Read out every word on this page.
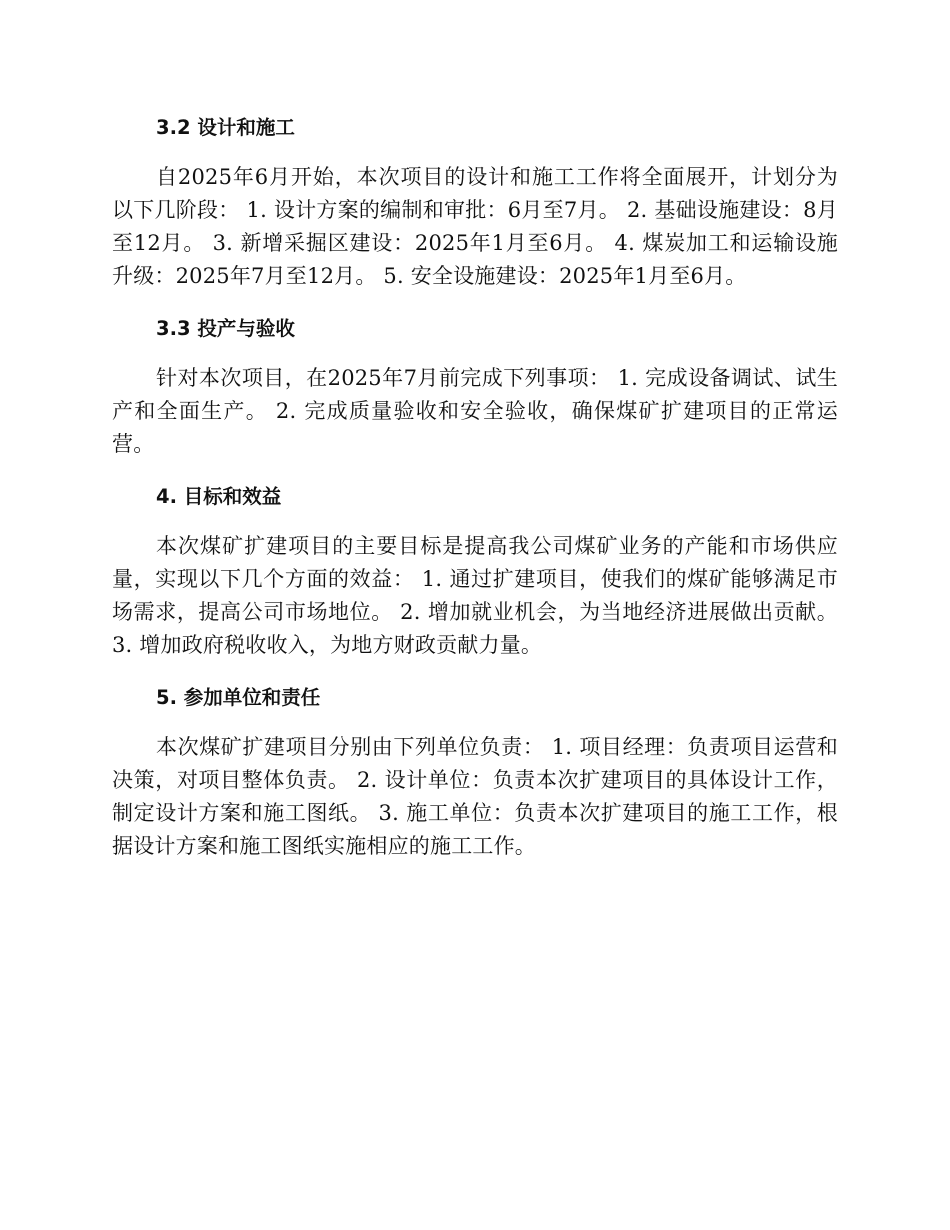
3.2 设计和施工

自2025年6月开始，本次项目的设计和施工工作将全面展开，计划分为以下几阶段： 1. 设计方案的编制和审批：6月至7月。 2. 基础设施建设：8月至12月。 3. 新增采掘区建设：2025年1月至6月。 4. 煤炭加工和运输设施升级：2025年7月至12月。 5. 安全设施建设：2025年1月至6月。

3.3 投产与验收

针对本次项目，在2025年7月前完成下列事项： 1. 完成设备调试、试生产和全面生产。 2. 完成质量验收和安全验收，确保煤矿扩建项目的正常运营。

4. 目标和效益

本次煤矿扩建项目的主要目标是提高我公司煤矿业务的产能和市场供应量，实现以下几个方面的效益： 1. 通过扩建项目，使我们的煤矿能够满足市场需求，提高公司市场地位。 2. 增加就业机会，为当地经济进展做出贡献。 3. 增加政府税收收入，为地方财政贡献力量。

5. 参加单位和责任

本次煤矿扩建项目分别由下列单位负责： 1. 项目经理：负责项目运营和决策，对项目整体负责。 2. 设计单位：负责本次扩建项目的具体设计工作，制定设计方案和施工图纸。 3. 施工单位：负责本次扩建项目的施工工作，根据设计方案和施工图纸实施相应的施工工作。
